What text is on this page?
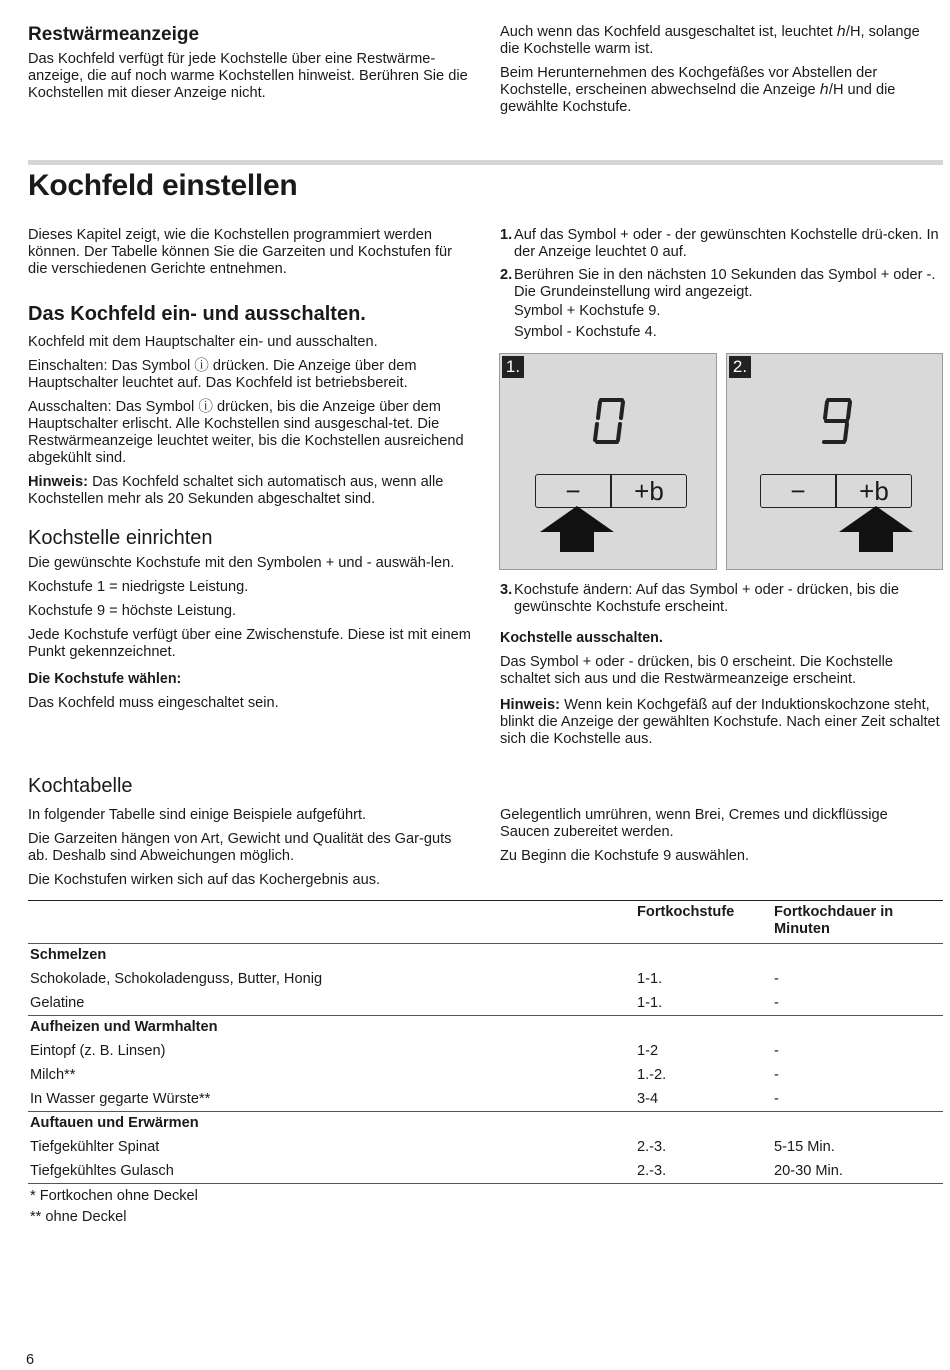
Restwärmeanzeige
Das Kochfeld verfügt für jede Kochstelle über eine Restwärme-anzeige, die auf noch warme Kochstellen hinweist. Berühren Sie die Kochstellen mit dieser Anzeige nicht.
Auch wenn das Kochfeld ausgeschaltet ist, leuchtet ℎ/H, solange die Kochstelle warm ist.
Beim Herunternehmen des Kochgefäßes vor Abstellen der Kochstelle, erscheinen abwechselnd die Anzeige ℎ/H und die gewählte Kochstufe.
Kochfeld einstellen
Dieses Kapitel zeigt, wie die Kochstellen programmiert werden können. Der Tabelle können Sie die Garzeiten und Kochstufen für die verschiedenen Gerichte entnehmen.
Das Kochfeld ein- und ausschalten.
Kochfeld mit dem Hauptschalter ein- und ausschalten.
Einschalten: Das Symbol ⓘ drücken. Die Anzeige über dem Hauptschalter leuchtet auf. Das Kochfeld ist betriebsbereit.
Ausschalten: Das Symbol ⓘ drücken, bis die Anzeige über dem Hauptschalter erlischt. Alle Kochstellen sind ausgeschal-tet. Die Restwärmeanzeige leuchtet weiter, bis die Kochstellen ausreichend abgekühlt sind.
Hinweis: Das Kochfeld schaltet sich automatisch aus, wenn alle Kochstellen mehr als 20 Sekunden abgeschaltet sind.
Kochstelle einrichten
Die gewünschte Kochstufe mit den Symbolen + und - auswäh-len.
Kochstufe 1 = niedrigste Leistung.
Kochstufe 9 = höchste Leistung.
Jede Kochstufe verfügt über eine Zwischenstufe. Diese ist mit einem Punkt gekennzeichnet.
Die Kochstufe wählen:
Das Kochfeld muss eingeschaltet sein.
1. Auf das Symbol + oder - der gewünschten Kochstelle drü-cken. In der Anzeige leuchtet 0 auf.
2. Berühren Sie in den nächsten 10 Sekunden das Symbol + oder -. Die Grundeinstellung wird angezeigt.
Symbol + Kochstufe 9.
Symbol - Kochstufe 4.
1.
−	+b
2.
−	+b
3. Kochstufe ändern: Auf das Symbol + oder - drücken, bis die gewünschte Kochstufe erscheint.
Kochstelle ausschalten.
Das Symbol + oder - drücken, bis 0 erscheint. Die Kochstelle schaltet sich aus und die Restwärmeanzeige erscheint.
Hinweis: Wenn kein Kochgefäß auf der Induktionskochzone steht, blinkt die Anzeige der gewählten Kochstufe. Nach einer Zeit schaltet sich die Kochstelle aus.
Kochtabelle
In folgender Tabelle sind einige Beispiele aufgeführt.
Die Garzeiten hängen von Art, Gewicht und Qualität des Gar-guts ab. Deshalb sind Abweichungen möglich.
Die Kochstufen wirken sich auf das Kochergebnis aus.
Gelegentlich umrühren, wenn Brei, Cremes und dickflüssige Saucen zubereitet werden.
Zu Beginn die Kochstufe 9 auswählen.
Fortkochstufe	Fortkochdauer in Minuten
Schmelzen
Schokolade, Schokoladenguss, Butter, Honig	1-1.	-
Gelatine	1-1.	-
Aufheizen und Warmhalten
Eintopf (z. B. Linsen)	1-2	-
Milch**	1.-2.	-
In Wasser gegarte Würste**	3-4	-
Auftauen und Erwärmen
Tiefgekühlter Spinat	2.-3.	5-15 Min.
Tiefgekühltes Gulasch	2.-3.	20-30 Min.
* Fortkochen ohne Deckel
** ohne Deckel
6
